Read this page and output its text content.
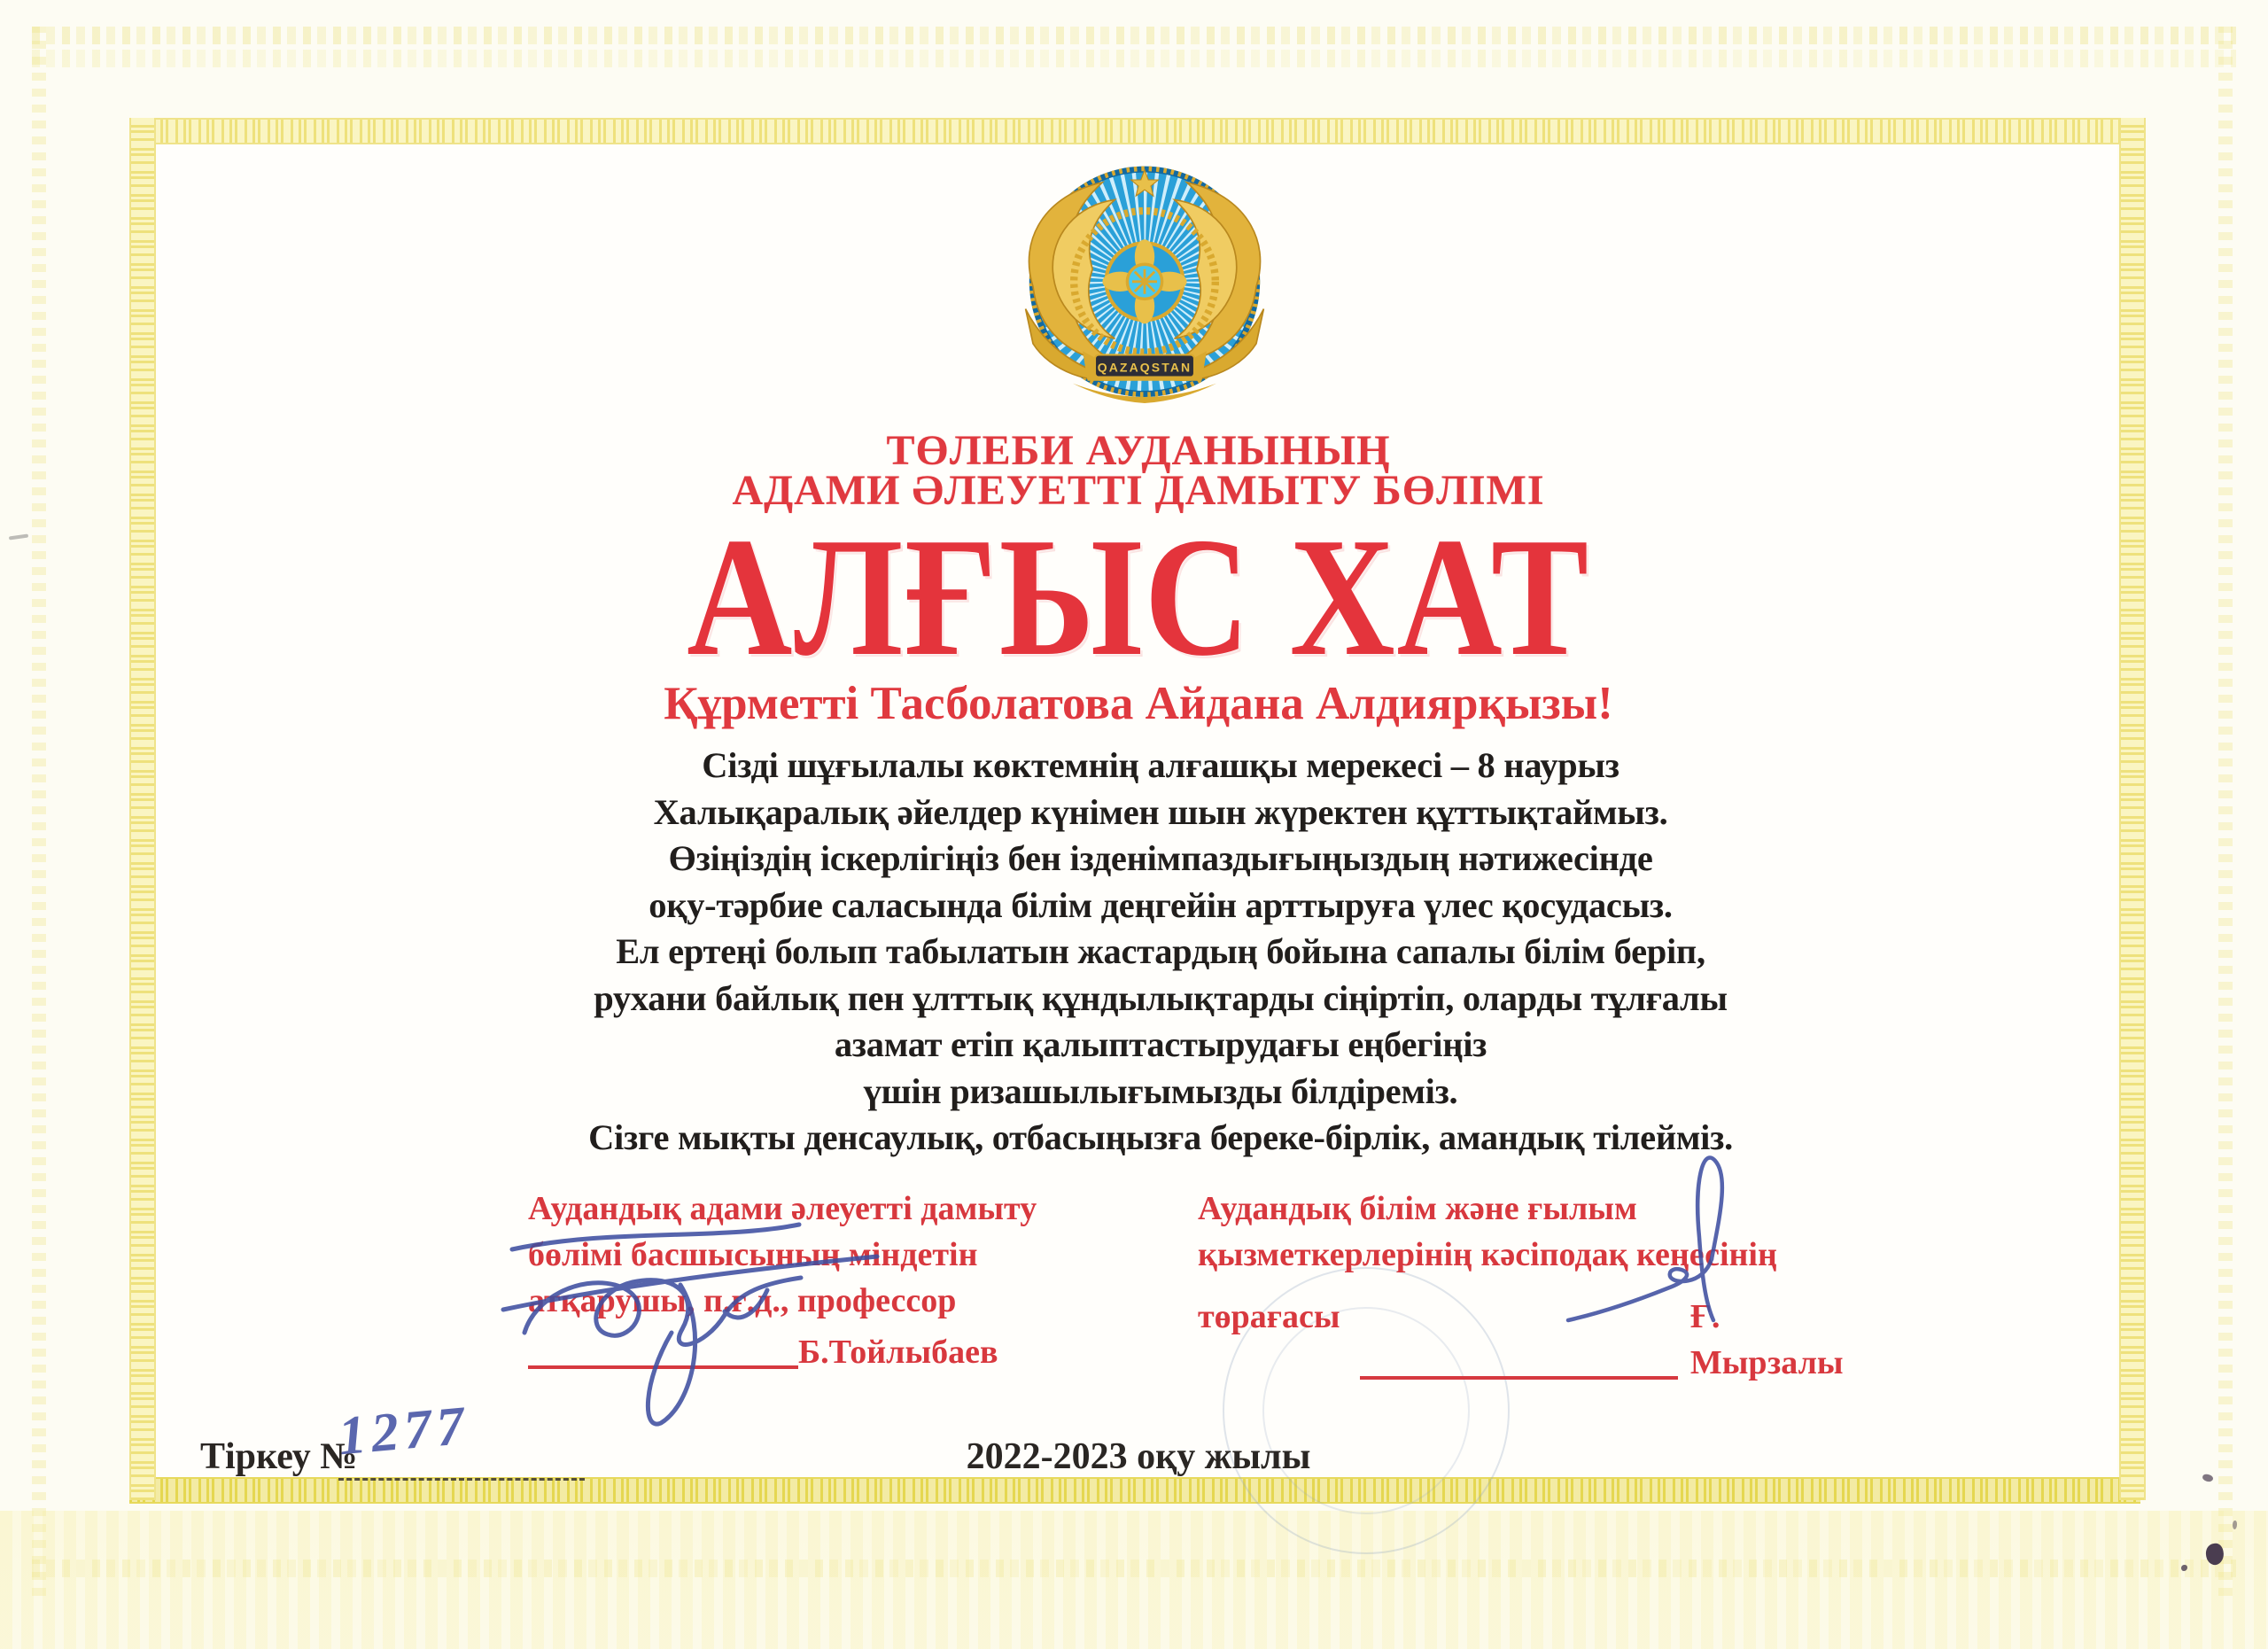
QAZAQSTAN
ТӨЛЕБИ АУДАНЫНЫҢ
АДАМИ ӘЛЕУЕТТІ ДАМЫТУ БӨЛІМІ
АЛҒЫС ХАТ
Құрметті Тасболатова Айдана Алдиярқызы!
Сізді шұғылалы көктемнің алғашқы мерекесі – 8 наурыз
Халықаралық әйелдер күнімен шын жүректен құттықтаймыз.
Өзіңіздің іскерлігіңіз бен ізденімпаздығыңыздың нәтижесінде
оқу-тәрбие саласында білім деңгейін арттыруға үлес қосудасыз.
Ел ертеңі болып табылатын жастардың бойына сапалы білім беріп,
рухани байлық пен ұлттық құндылықтарды сіңіртіп, оларды тұлғалы
азамат етіп қалыптастырудағы еңбегіңіз
үшін ризашылығымызды білдіреміз.
Сізге мықты денсаулық, отбасыңызға береке-бірлік, амандық тілейміз.
Аудандық адами әлеуетті дамыту
бөлімі басшысының міндетін
атқарушы, п.ғ.д., профессор
Б.Тойлыбаев
Аудандық білім және ғылым
қызметкерлерінің кәсіподақ кеңесінің
төрағасы	Ғ. Мырзалы
Тіркеу №
1277	2022-2023 оқу жылы
